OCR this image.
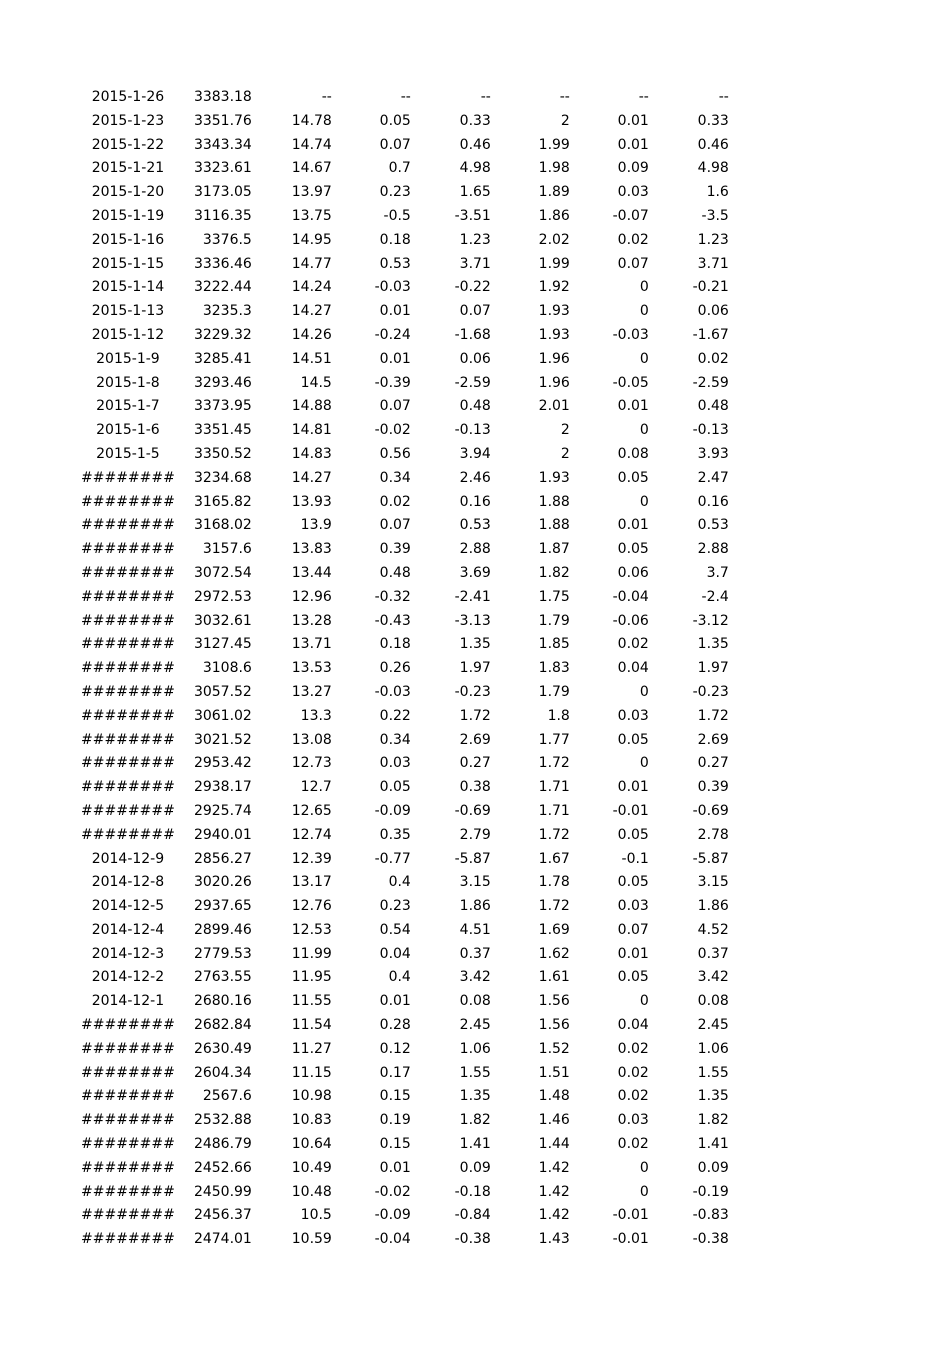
2015-1-26	3383.18	--	--	--	--	--	--
2015-1-23	3351.76	14.78	0.05	0.33	2	0.01	0.33
2015-1-22	3343.34	14.74	0.07	0.46	1.99	0.01	0.46
2015-1-21	3323.61	14.67	0.7	4.98	1.98	0.09	4.98
2015-1-20	3173.05	13.97	0.23	1.65	1.89	0.03	1.6
2015-1-19	3116.35	13.75	-0.5	-3.51	1.86	-0.07	-3.5
2015-1-16	3376.5	14.95	0.18	1.23	2.02	0.02	1.23
2015-1-15	3336.46	14.77	0.53	3.71	1.99	0.07	3.71
2015-1-14	3222.44	14.24	-0.03	-0.22	1.92	0	-0.21
2015-1-13	3235.3	14.27	0.01	0.07	1.93	0	0.06
2015-1-12	3229.32	14.26	-0.24	-1.68	1.93	-0.03	-1.67
2015-1-9	3285.41	14.51	0.01	0.06	1.96	0	0.02
2015-1-8	3293.46	14.5	-0.39	-2.59	1.96	-0.05	-2.59
2015-1-7	3373.95	14.88	0.07	0.48	2.01	0.01	0.48
2015-1-6	3351.45	14.81	-0.02	-0.13	2	0	-0.13
2015-1-5	3350.52	14.83	0.56	3.94	2	0.08	3.93
########	3234.68	14.27	0.34	2.46	1.93	0.05	2.47
########	3165.82	13.93	0.02	0.16	1.88	0	0.16
########	3168.02	13.9	0.07	0.53	1.88	0.01	0.53
########	3157.6	13.83	0.39	2.88	1.87	0.05	2.88
########	3072.54	13.44	0.48	3.69	1.82	0.06	3.7
########	2972.53	12.96	-0.32	-2.41	1.75	-0.04	-2.4
########	3032.61	13.28	-0.43	-3.13	1.79	-0.06	-3.12
########	3127.45	13.71	0.18	1.35	1.85	0.02	1.35
########	3108.6	13.53	0.26	1.97	1.83	0.04	1.97
########	3057.52	13.27	-0.03	-0.23	1.79	0	-0.23
########	3061.02	13.3	0.22	1.72	1.8	0.03	1.72
########	3021.52	13.08	0.34	2.69	1.77	0.05	2.69
########	2953.42	12.73	0.03	0.27	1.72	0	0.27
########	2938.17	12.7	0.05	0.38	1.71	0.01	0.39
########	2925.74	12.65	-0.09	-0.69	1.71	-0.01	-0.69
########	2940.01	12.74	0.35	2.79	1.72	0.05	2.78
2014-12-9	2856.27	12.39	-0.77	-5.87	1.67	-0.1	-5.87
2014-12-8	3020.26	13.17	0.4	3.15	1.78	0.05	3.15
2014-12-5	2937.65	12.76	0.23	1.86	1.72	0.03	1.86
2014-12-4	2899.46	12.53	0.54	4.51	1.69	0.07	4.52
2014-12-3	2779.53	11.99	0.04	0.37	1.62	0.01	0.37
2014-12-2	2763.55	11.95	0.4	3.42	1.61	0.05	3.42
2014-12-1	2680.16	11.55	0.01	0.08	1.56	0	0.08
########	2682.84	11.54	0.28	2.45	1.56	0.04	2.45
########	2630.49	11.27	0.12	1.06	1.52	0.02	1.06
########	2604.34	11.15	0.17	1.55	1.51	0.02	1.55
########	2567.6	10.98	0.15	1.35	1.48	0.02	1.35
########	2532.88	10.83	0.19	1.82	1.46	0.03	1.82
########	2486.79	10.64	0.15	1.41	1.44	0.02	1.41
########	2452.66	10.49	0.01	0.09	1.42	0	0.09
########	2450.99	10.48	-0.02	-0.18	1.42	0	-0.19
########	2456.37	10.5	-0.09	-0.84	1.42	-0.01	-0.83
########	2474.01	10.59	-0.04	-0.38	1.43	-0.01	-0.38
